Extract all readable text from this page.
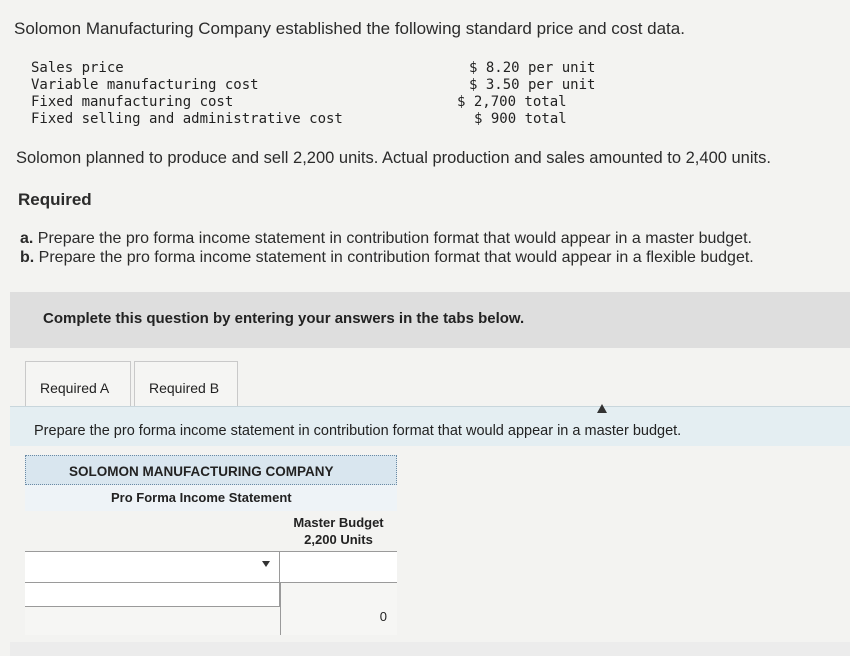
Solomon Manufacturing Company established the following standard price and cost data.
Sales price	$ 8.20 per unit
Variable manufacturing cost	$ 3.50 per unit
Fixed manufacturing cost	$ 2,700 total
Fixed selling and administrative cost	$ 900 total
Solomon planned to produce and sell 2,200 units. Actual production and sales amounted to 2,400 units.
Required
a. Prepare the pro forma income statement in contribution format that would appear in a master budget.
b. Prepare the pro forma income statement in contribution format that would appear in a flexible budget.
Complete this question by entering your answers in the tabs below.
Required A	Required B
Prepare the pro forma income statement in contribution format that would appear in a master budget.
SOLOMON MANUFACTURING COMPANY
Pro Forma Income Statement
Master Budget
2,200 Units
0
